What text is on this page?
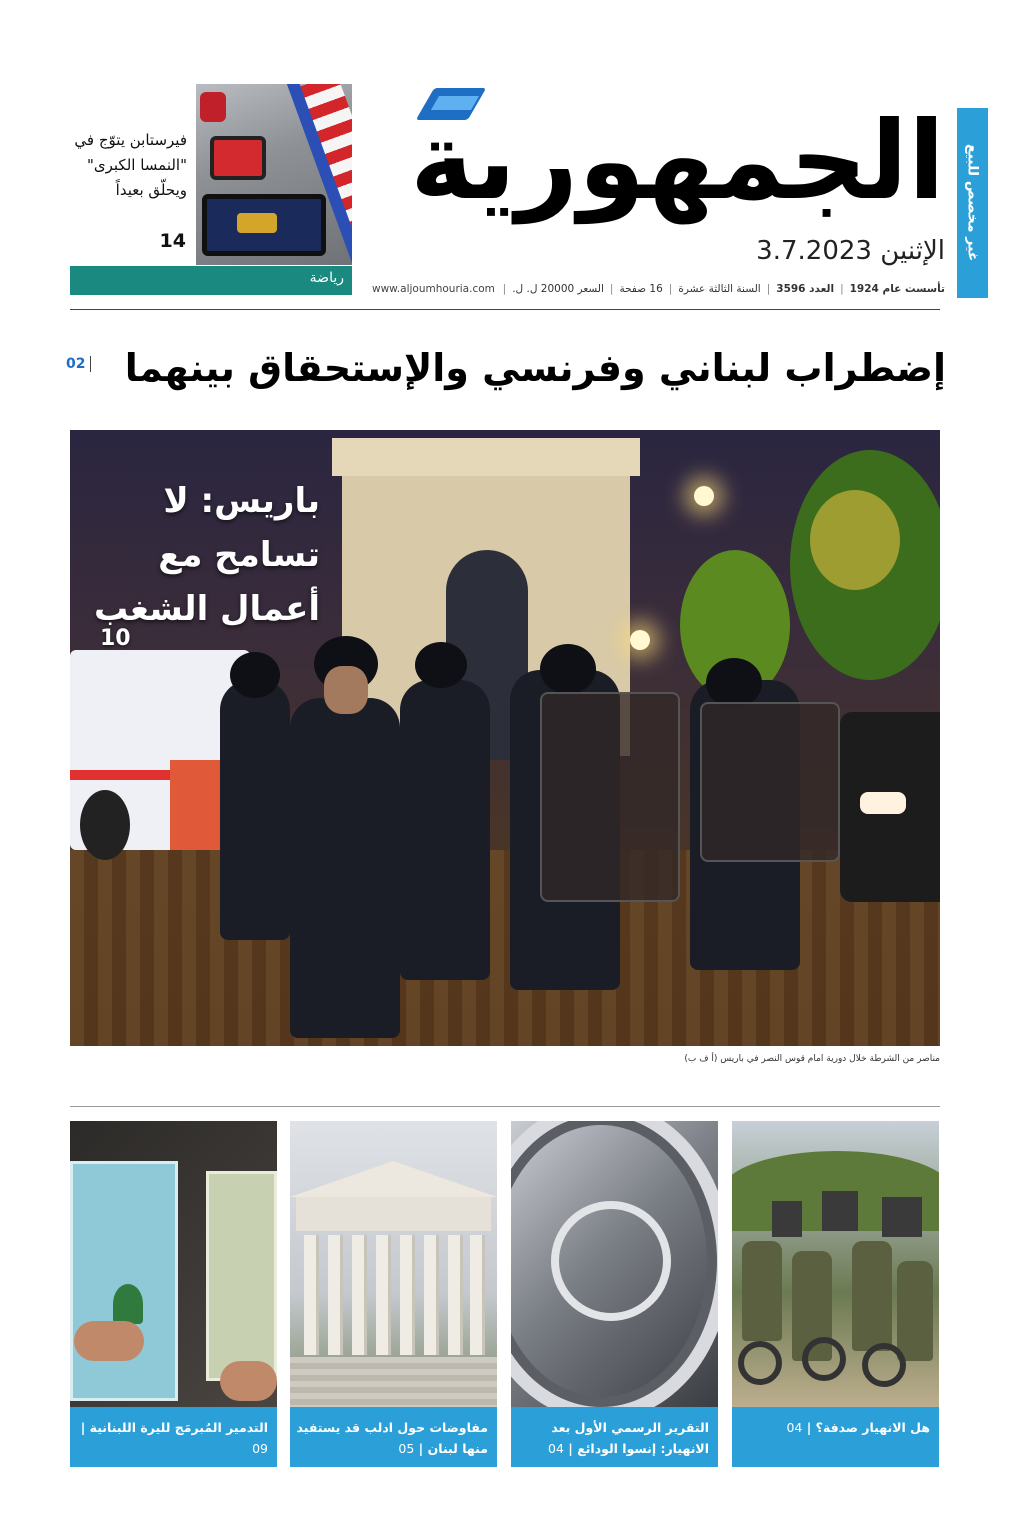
غير مخصص للبيع
الجمهورية
الإثنين 3.7.2023
تأسست عام 1924
|
العدد 3596
|
السنة الثالثة عشرة
|
16 صفحة
|
السعر 20000 ل. ل.
|
www.aljoumhouria.com
فيرستابن يتوّج في "النمسا الكبرى" ويحلّق بعيداً
14
رياضة
إضطراب لبناني وفرنسي والإستحقاق بينهما
02
باريس: لا تسامح مع أعمال الشغب
10
مناصر من الشرطة خلال دورية امام قوس النصر في باريس (أ ف ب)
هل الانهيار صدفة؟ | 04
التقرير الرسمي الأول بعد الانهيار: إنسوا الودائع | 04
مفاوضات حول ادلب قد يستفيد منها لبنان | 05
التدمير المُبرمَج لليرة اللبنانية | 09
